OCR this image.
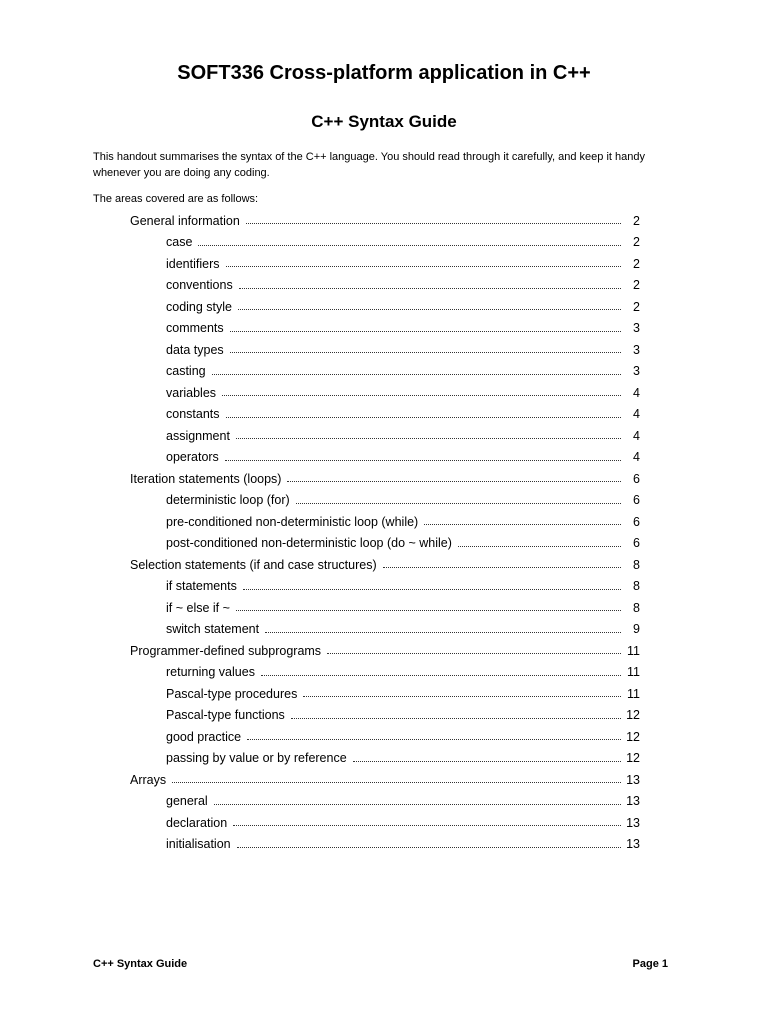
SOFT336 Cross-platform application in C++
C++ Syntax Guide

This handout summarises the syntax of the C++ language. You should read through it carefully, and keep it handy whenever you are doing any coding.

The areas covered are as follows:
General information	2
case	2
identifiers	2
conventions	2
coding style	2
comments	3
data types	3
casting	3
variables	4
constants	4
assignment	4
operators	4
Iteration statements (loops)	6
deterministic loop (for)	6
pre-conditioned non-deterministic loop (while)	6
post-conditioned non-deterministic loop (do ~ while)	6
Selection statements (if and case structures)	8
if statements	8
if ~ else if ~	8
switch statement	9
Programmer-defined subprograms	11
returning values	11
Pascal-type procedures	11
Pascal-type functions	12
good practice	12
passing by value or by reference	12
Arrays	13
general	13
declaration	13
initialisation	13
C++ Syntax Guide	Page 1
